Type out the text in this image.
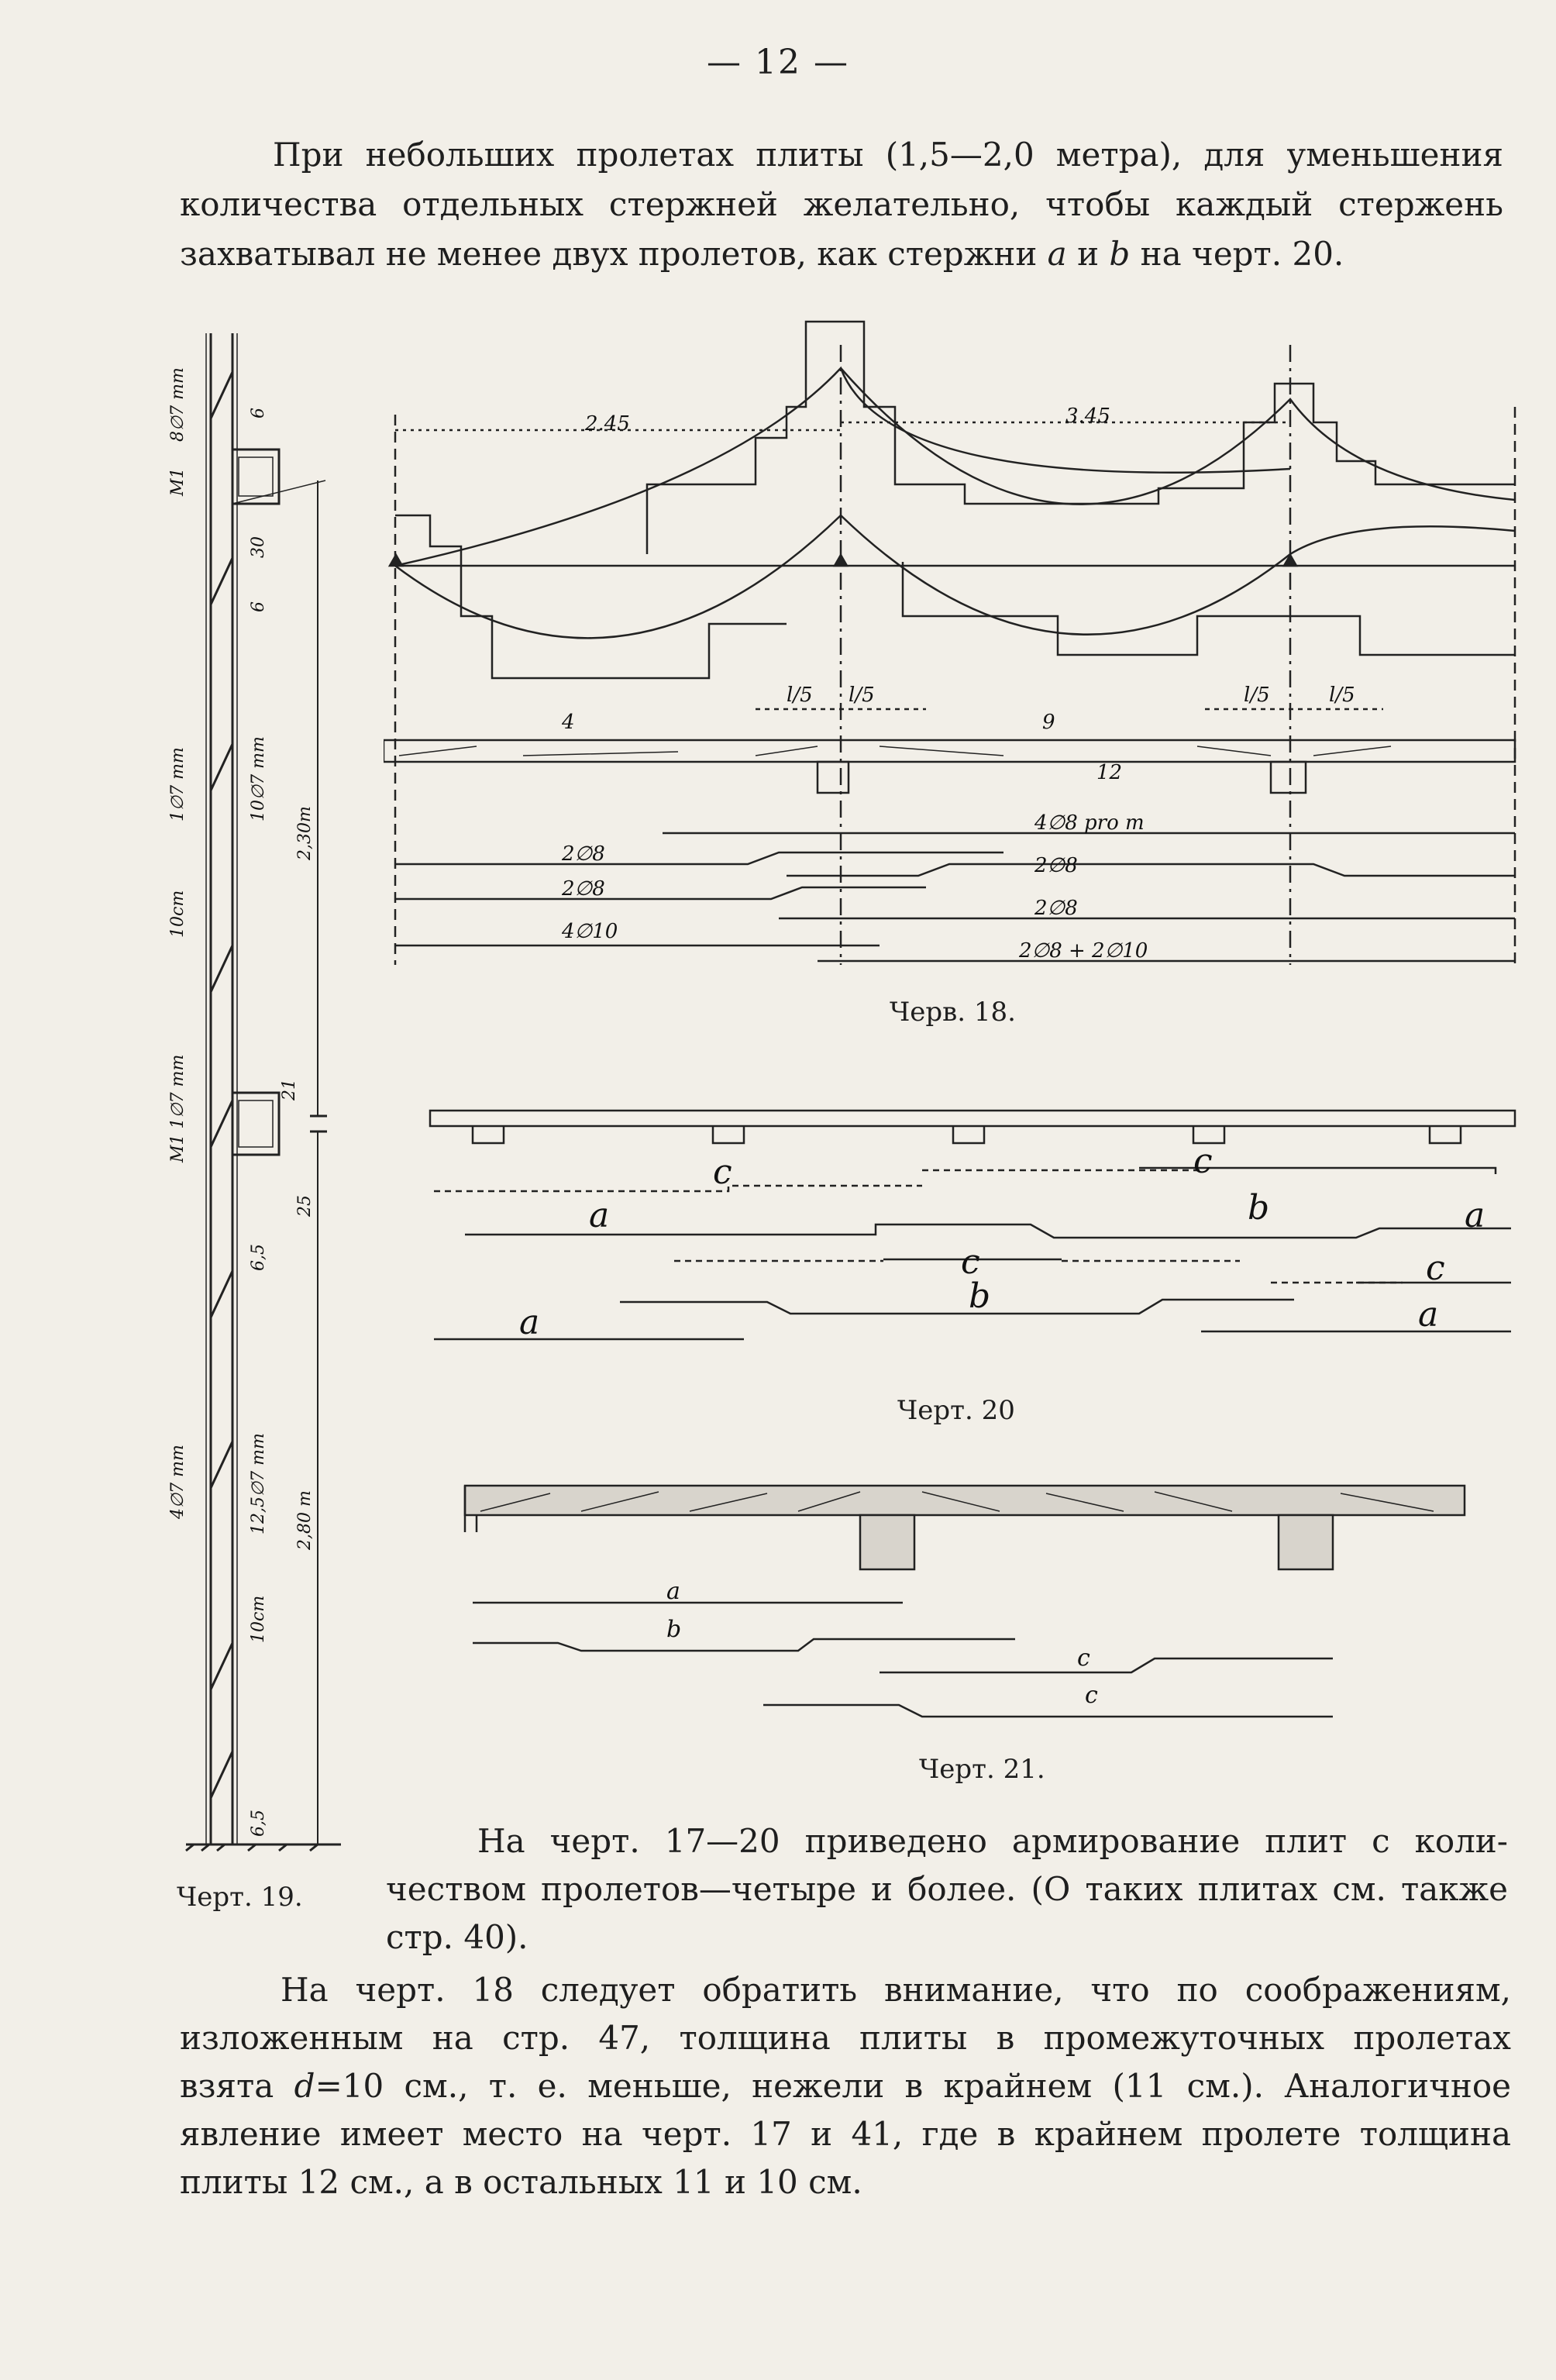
— 12 —
При небольших пролетах плиты (1,5—2,0 метра), для уменьшения
количества отдельных стержней желательно, чтобы каждый стержень
захватывал не менее двух пролетов, как стержни a и b на черт. 20.
8∅7 mm
M1
6
30
6
1∅7 mm	10∅7 mm
10cm
2,30m
M1 1∅7 mm	21
25
6,5
4∅7 mm	12,5∅7 mm 2,80 m
10cm
6,5
Черт. 19.
2.45	3.45
l/5 l/5	l/5	l/5
4	9
12
4∅8 pro m
2∅8	2∅8
2∅8
2∅8
4∅10
2∅8 + 2∅10
Черв. 18.
c	c
b
a	a
c
b
c
a	a
Черт. 20
a
b
c
c
Черт. 21.
На черт. 17—20 приведено армирование плит с коли-
чеством пролетов—четыре и более. (О таких плитах см. также
стр. 40).
На черт. 18 следует обратить внимание, что по соображениям,
изложенным на стр. 47, толщина плиты в промежуточных пролетах
взята d=10 см., т. е. меньше, нежели в крайнем (11 см.). Аналогичное
явление имеет место на черт. 17 и 41, где в крайнем пролете толщина
плиты 12 см., а в остальных 11 и 10 см.
